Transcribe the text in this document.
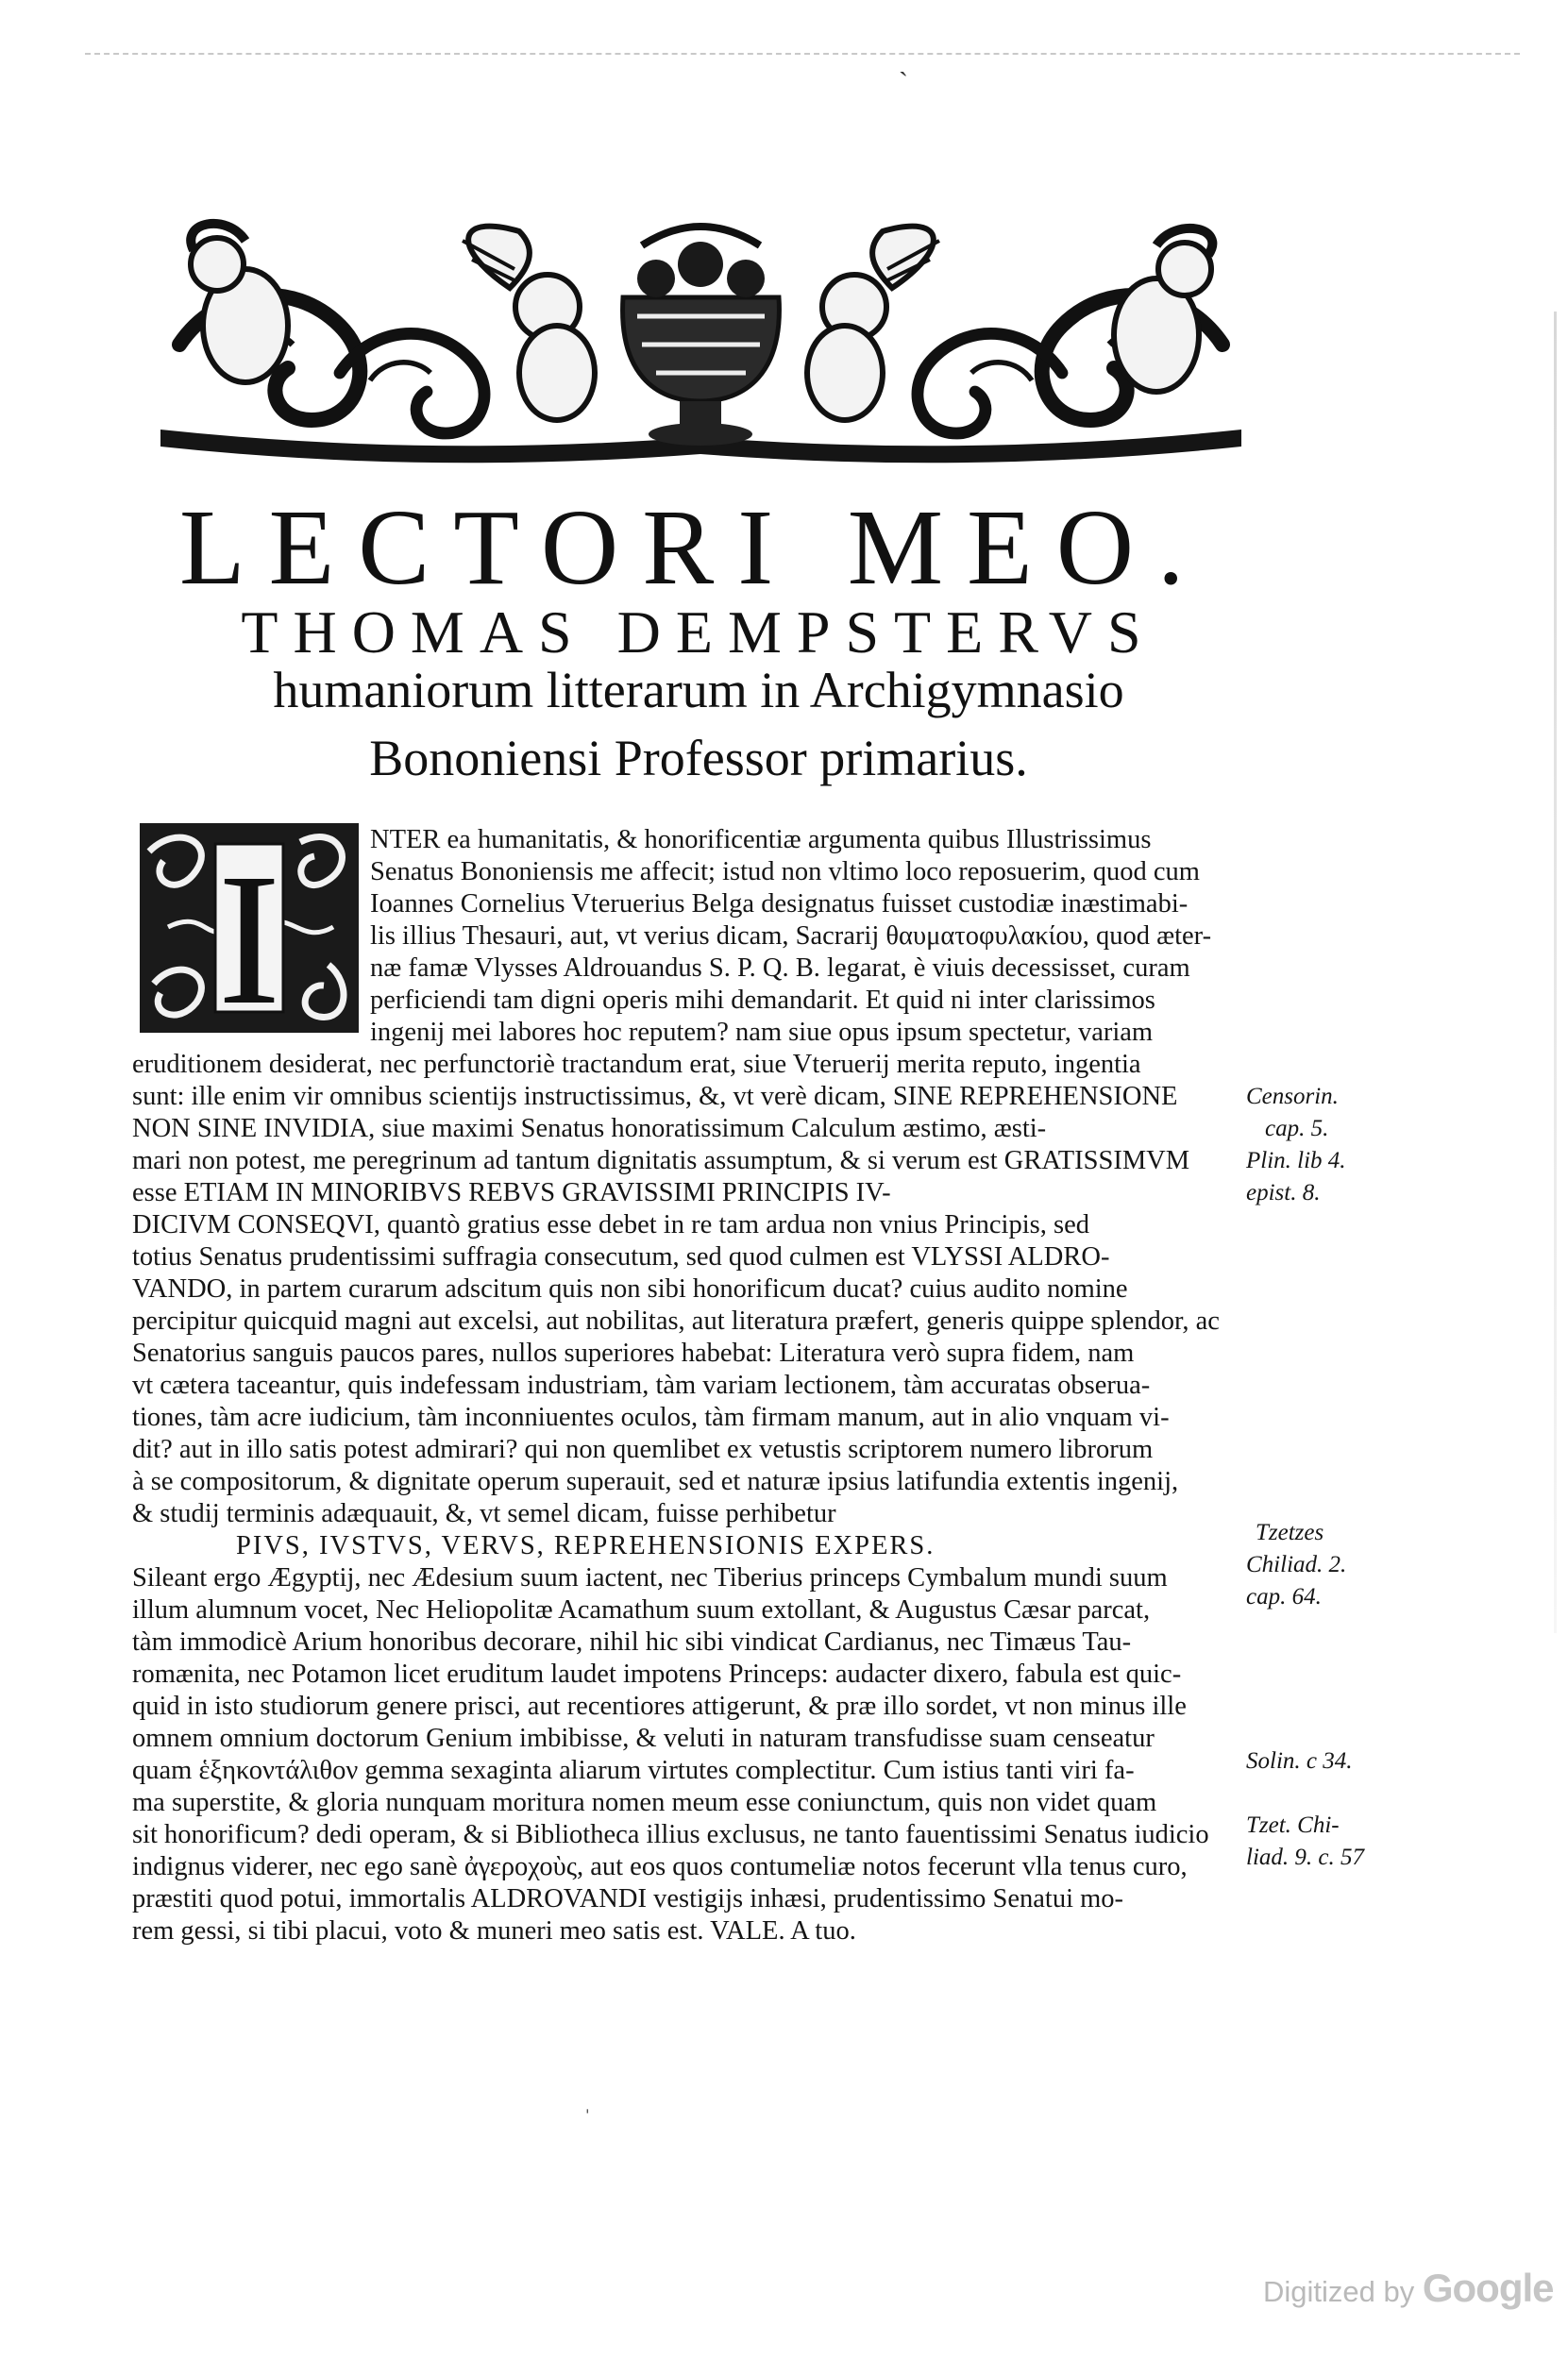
ˏ
LECTORI MEO.
THOMAS DEMPSTERVS
humaniorum litterarum in Archigymnasio
Bononiensi Professor primarius.
I	NTER ea humanitatis, & honorificentiæ argumenta quibus Illustrissimus
Senatus Bononiensis me affecit; istud non vltimo loco reposuerim, quod cum
Ioannes Cornelius Vteruerius Belga designatus fuisset custodiæ inæstimabi-
lis illius Thesauri, aut, vt verius dicam, Sacrarij θαυματοφυλακίου, quod æter-
næ famæ Vlysses Aldrouandus S. P. Q. B. legarat, è viuis decessisset, curam
perficiendi tam digni operis mihi demandarit. Et quid ni inter clarissimos
ingenij mei labores hoc reputem? nam siue opus ipsum spectetur, variam
eruditionem desiderat, nec perfunctoriè tractandum erat, siue Vteruerij merita reputo, ingentia
sunt: ille enim vir omnibus scientijs instructissimus, &, vt verè dicam, SINE REPREHENSIONE
NON SINE INVIDIA, siue maximi Senatus honoratissimum Calculum æstimo, æsti-
mari non potest, me peregrinum ad tantum dignitatis assumptum, & si verum est GRATISSIMVM
esse ETIAM IN MINORIBVS REBVS GRAVISSIMI PRINCIPIS IV-
DICIVM CONSEQVI, quantò gratius esse debet in re tam ardua non vnius Principis, sed
totius Senatus prudentissimi suffragia consecutum, sed quod culmen est VLYSSI ALDRO-
VANDO, in partem curarum adscitum quis non sibi honorificum ducat? cuius audito nomine
percipitur quicquid magni aut excelsi, aut nobilitas, aut literatura præfert, generis quippe splendor, ac
Senatorius sanguis paucos pares, nullos superiores habebat: Literatura verò supra fidem, nam
vt cætera taceantur, quis indefessam industriam, tàm variam lectionem, tàm accuratas obserua-
tiones, tàm acre iudicium, tàm inconniuentes oculos, tàm firmam manum, aut in alio vnquam vi-
dit? aut in illo satis potest admirari? qui non quemlibet ex vetustis scriptorem numero librorum
à se compositorum, & dignitate operum superauit, sed et naturæ ipsius latifundia extentis ingenij,
& studij terminis adæquauit, &, vt semel dicam, fuisse perhibetur
PIVS, IVSTVS, VERVS, REPREHENSIONIS EXPERS.
Sileant ergo Ægyptij, nec Ædesium suum iactent, nec Tiberius princeps Cymbalum mundi suum
illum alumnum vocet, Nec Heliopolitæ Acamathum suum extollant, & Augustus Cæsar parcat,
tàm immodicè Arium honoribus decorare, nihil hic sibi vindicat Cardianus, nec Timæus Tau-
romænita, nec Potamon licet eruditum laudet impotens Princeps: audacter dixero, fabula est quic-
quid in isto studiorum genere prisci, aut recentiores attigerunt, & præ illo sordet, vt non minus ille
omnem omnium doctorum Genium imbibisse, & veluti in naturam transfudisse suam censeatur
quam ἑξηκοντάλιθον gemma sexaginta aliarum virtutes complectitur. Cum istius tanti viri fa-
ma superstite, & gloria nunquam moritura nomen meum esse coniunctum, quis non videt quam
sit honorificum? dedi operam, & si Bibliotheca illius exclusus, ne tanto fauentissimi Senatus iudicio
indignus viderer, nec ego sanè ἀγεροχοὺς, aut eos quos contumeliæ notos fecerunt vlla tenus curo,
præstiti quod potui, immortalis ALDROVANDI vestigijs inhæsi, prudentissimo Senatui mo-
rem gessi, si tibi placui, voto & muneri meo satis est. VALE. A tuo.
Censorin.
cap. 5.
Plin. lib 4.
epist. 8.
Tzetzes
Chiliad. 2.
cap. 64.
Solin. c 34.
Tzet. Chi-
liad. 9. c. 57
ˌ
Digitized by Google
